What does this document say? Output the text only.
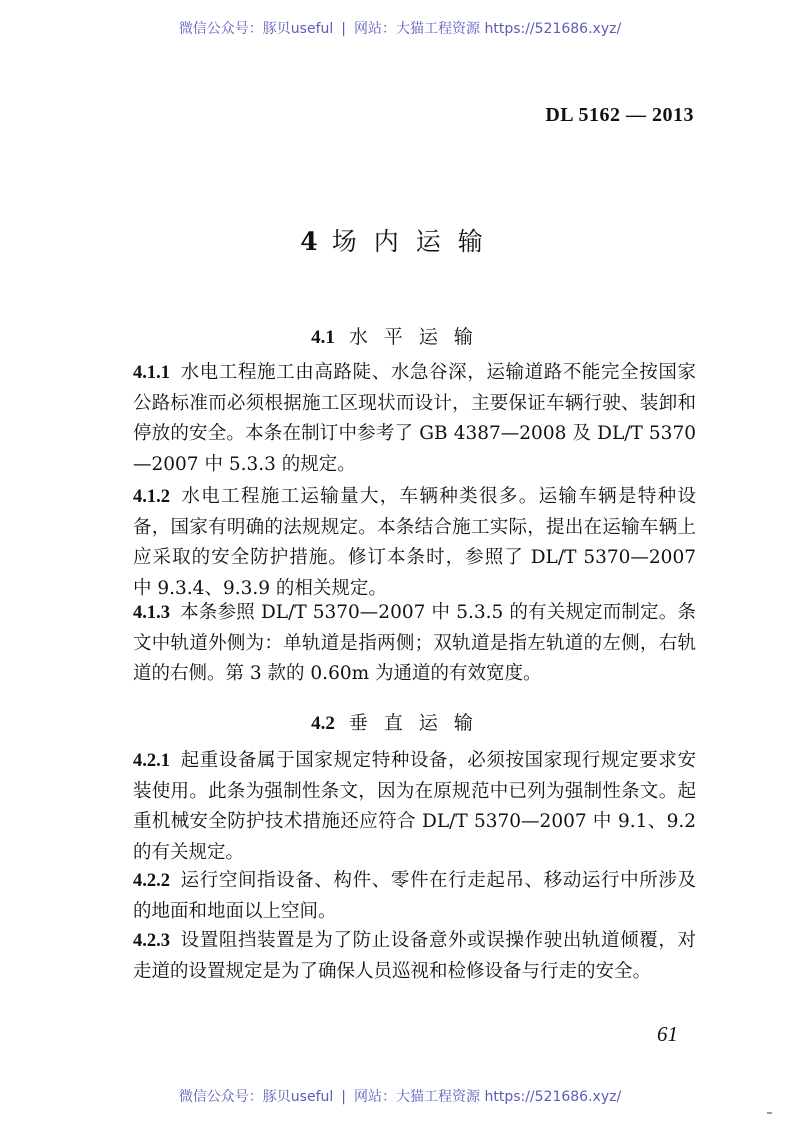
微信公众号：豚贝useful | 网站：大猫工程资源 https://521686.xyz/
DL 5162 — 2013
4 场内运输
4.1 水平运输
4.1.1 水电工程施工由高路陡、水急谷深，运输道路不能完全按国家公路标准而必须根据施工区现状而设计，主要保证车辆行驶、装卸和停放的安全。本条在制订中参考了 GB 4387—2008 及 DL/T 5370—2007 中 5.3.3 的规定。
4.1.2 水电工程施工运输量大，车辆种类很多。运输车辆是特种设备，国家有明确的法规规定。本条结合施工实际，提出在运输车辆上应采取的安全防护措施。修订本条时，参照了 DL/T 5370—2007 中 9.3.4、9.3.9 的相关规定。
4.1.3 本条参照 DL/T 5370—2007 中 5.3.5 的有关规定而制定。条文中轨道外侧为：单轨道是指两侧；双轨道是指左轨道的左侧，右轨道的右侧。第 3 款的 0.60m 为通道的有效宽度。
4.2 垂直运输
4.2.1 起重设备属于国家规定特种设备，必须按国家现行规定要求安装使用。此条为强制性条文，因为在原规范中已列为强制性条文。起重机械安全防护技术措施还应符合 DL/T 5370—2007 中 9.1、9.2 的有关规定。
4.2.2 运行空间指设备、构件、零件在行走起吊、移动运行中所涉及的地面和地面以上空间。
4.2.3 设置阻挡装置是为了防止设备意外或误操作驶出轨道倾覆，对走道的设置规定是为了确保人员巡视和检修设备与行走的安全。
61
微信公众号：豚贝useful | 网站：大猫工程资源 https://521686.xyz/
